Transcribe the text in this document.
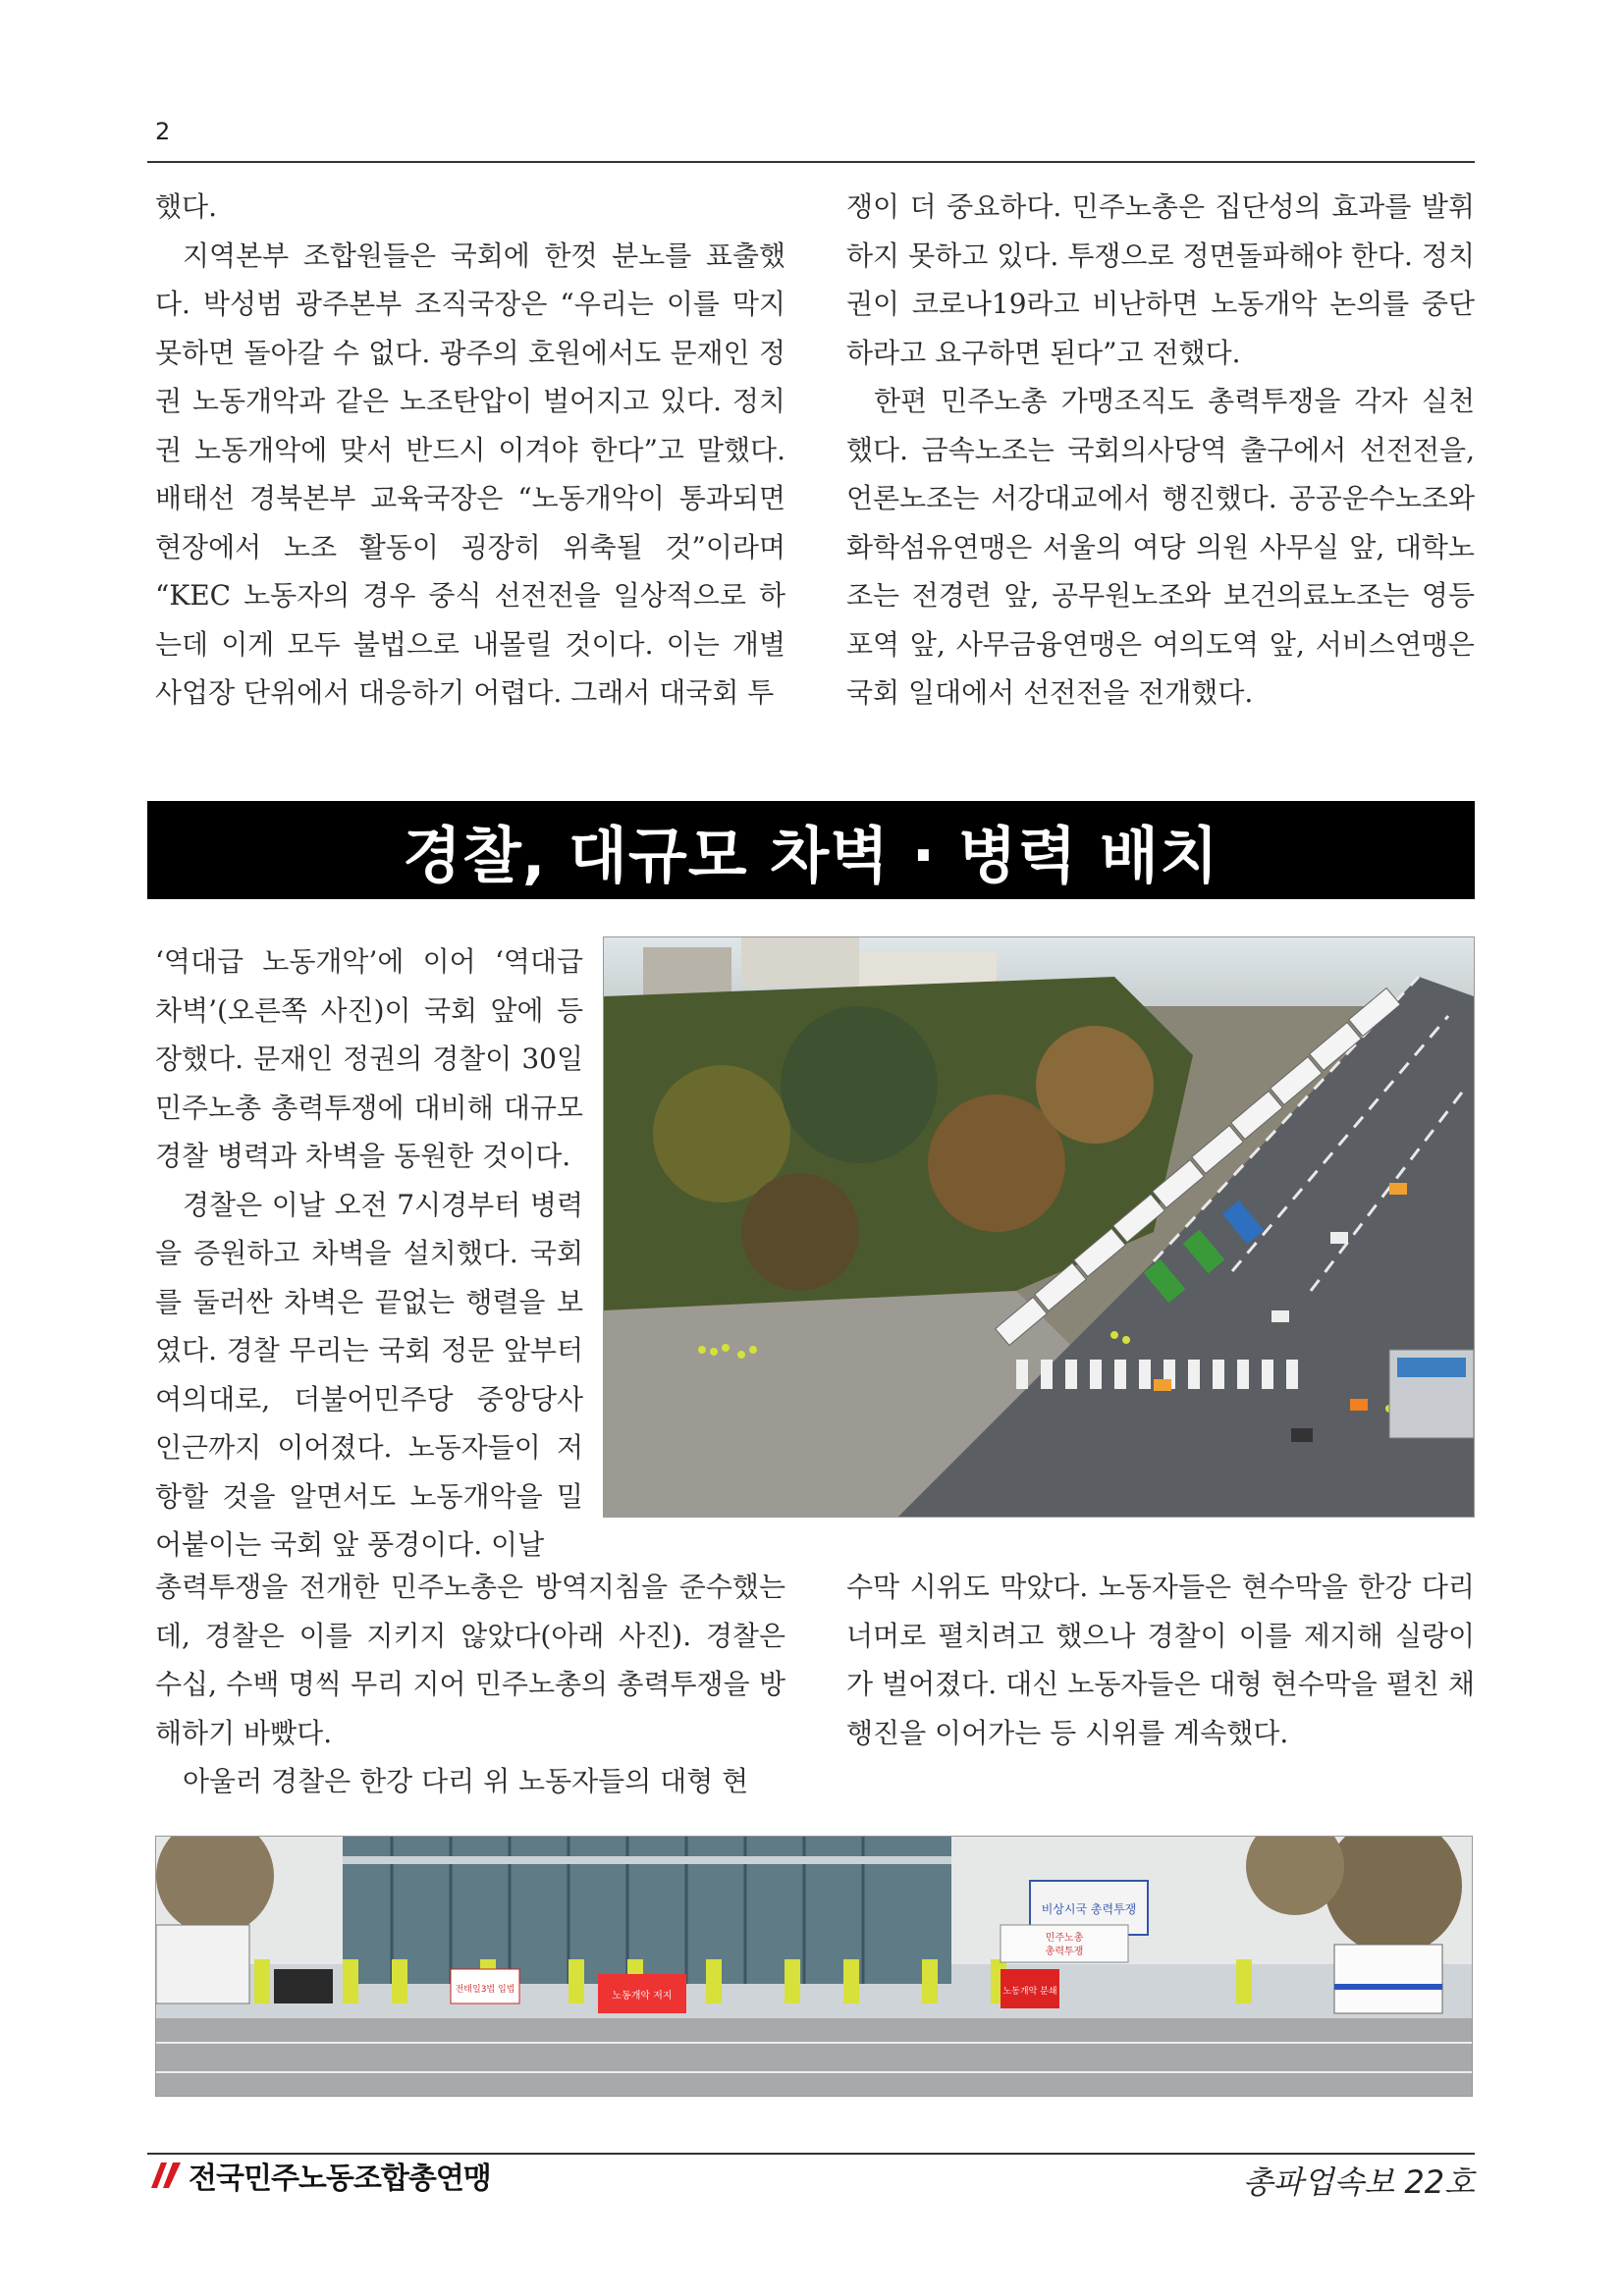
2

했다.

지역본부 조합원들은 국회에 한껏 분노를 표출했다. 박성범 광주본부 조직국장은 “우리는 이를 막지 못하면 돌아갈 수 없다. 광주의 호원에서도 문재인 정권 노동개악과 같은 노조탄압이 벌어지고 있다. 정치권 노동개악에 맞서 반드시 이겨야 한다”고 말했다. 배태선 경북본부 교육국장은 “노동개악이 통과되면 현장에서 노조 활동이 굉장히 위축될 것”이라며 “KEC 노동자의 경우 중식 선전전을 일상적으로 하는데 이게 모두 불법으로 내몰릴 것이다. 이는 개별 사업장 단위에서 대응하기 어렵다. 그래서 대국회 투

쟁이 더 중요하다. 민주노총은 집단성의 효과를 발휘하지 못하고 있다. 투쟁으로 정면돌파해야 한다. 정치권이 코로나19라고 비난하면 노동개악 논의를 중단하라고 요구하면 된다”고 전했다.

한편 민주노총 가맹조직도 총력투쟁을 각자 실천했다. 금속노조는 국회의사당역 출구에서 선전전을, 언론노조는 서강대교에서 행진했다. 공공운수노조와 화학섬유연맹은 서울의 여당 의원 사무실 앞, 대학노조는 전경련 앞, 공무원노조와 보건의료노조는 영등포역 앞, 사무금융연맹은 여의도역 앞, 서비스연맹은 국회 일대에서 선전전을 전개했다.

경찰, 대규모 차벽 · 병력 배치

‘역대급 노동개악’에 이어 ‘역대급 차벽’(오른쪽 사진)이 국회 앞에 등장했다. 문재인 정권의 경찰이 30일 민주노총 총력투쟁에 대비해 대규모 경찰 병력과 차벽을 동원한 것이다.

경찰은 이날 오전 7시경부터 병력을 증원하고 차벽을 설치했다. 국회를 둘러싼 차벽은 끝없는 행렬을 보였다. 경찰 무리는 국회 정문 앞부터 여의대로, 더불어민주당 중앙당사 인근까지 이어졌다. 노동자들이 저항할 것을 알면서도 노동개악을 밀어붙이는 국회 앞 풍경이다. 이날

총력투쟁을 전개한 민주노총은 방역지침을 준수했는데, 경찰은 이를 지키지 않았다(아래 사진). 경찰은 수십, 수백 명씩 무리 지어 민주노총의 총력투쟁을 방해하기 바빴다.

아울러 경찰은 한강 다리 위 노동자들의 대형 현

수막 시위도 막았다. 노동자들은 현수막을 한강 다리 너머로 펼치려고 했으나 경찰이 이를 제지해 실랑이가 벌어졌다. 대신 노동자들은 대형 현수막을 펼친 채 행진을 이어가는 등 시위를 계속했다.

비상시국 총력투쟁
전태일3법 입법
노동개악 저지	노동개악 분쇄
민주노총
총력투쟁
전국민주노동조합총연맹	총파업속보 22호
